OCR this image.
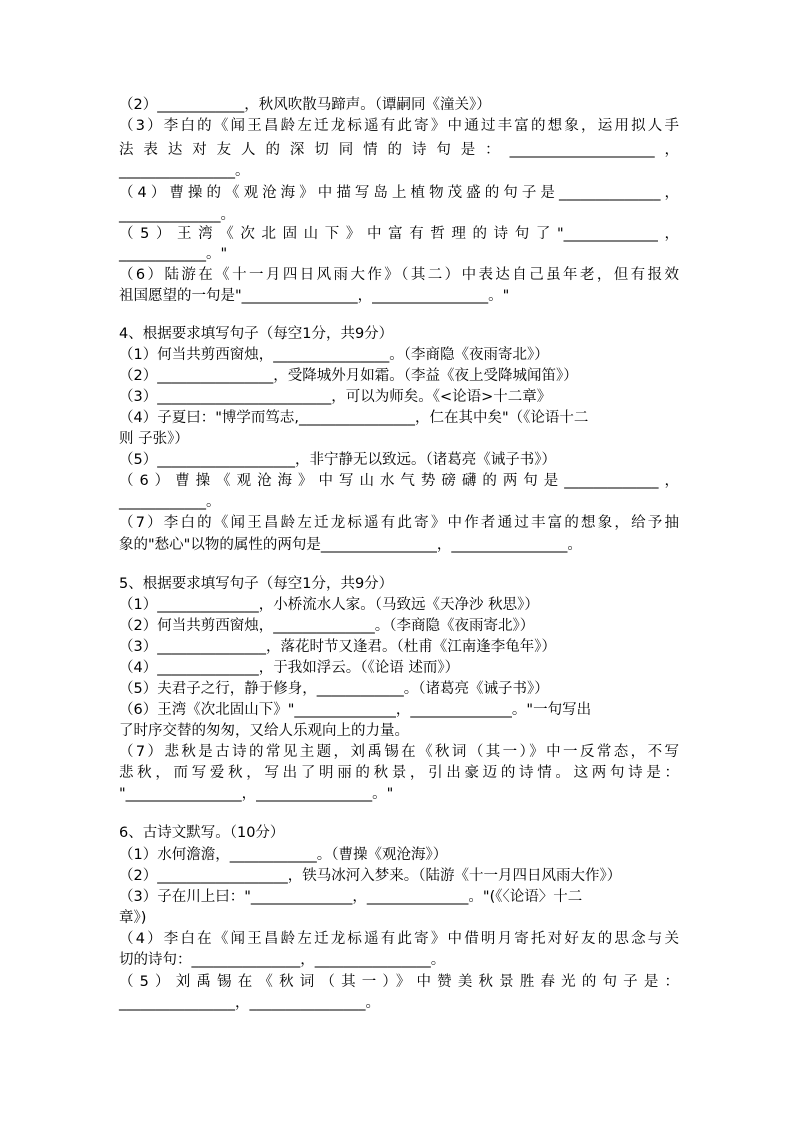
（2）____________，秋风吹散马蹄声。（谭嗣同《潼关》）
（3）李白的《闻王昌龄左迁龙标遥有此寄》中通过丰富的想象，运用拟人手
法表达对友人的深切同情的诗句是：____________________，
________________。
（4）曹操的《观沧海》中描写岛上植物茂盛的句子是______________，
______________。
（5）王湾《次北固山下》中富有哲理的诗句了"_____________，
____________。"
（6）陆游在《十一月四日风雨大作》（其二）中表达自己虽年老，但有报效
祖国愿望的一句是"________________，________________。"
4、根据要求填写句子（每空1分，共9分）
（1）何当共剪西窗烛，________________。（李商隐《夜雨寄北》）
（2）________________，受降城外月如霜。（李益《夜上受降城闻笛》）
（3）________________________，可以为师矣。《<论语>十二章》
（4）子夏曰："博学而笃志,________________，仁在其中矣"（《论语十二
则 子张》）
（5）___________________，非宁静无以致远。（诸葛亮《诫子书》）
（6）曹操《观沧海》中写山水气势磅礴的两句是_____________，
____________。
（7）李白的《闻王昌龄左迁龙标遥有此寄》中作者通过丰富的想象，给予抽
象的"愁心"以物的属性的两句是________________，________________。
5、根据要求填写句子（每空1分，共9分）
（1）______________，小桥流水人家。（马致远《天净沙 秋思》）
（2）何当共剪西窗烛，______________。（李商隐《夜雨寄北》）
（3）_______________，落花时节又逢君。（杜甫《江南逢李龟年》）
（4）______________，于我如浮云。（《论语 述而》）
（5）夫君子之行，静于修身，____________。（诸葛亮《诫子书》）
（6）王湾《次北固山下》"______________，______________。"一句写出
了时序交替的匆匆，又给人乐观向上的力量。
（7）悲秋是古诗的常见主题，刘禹锡在《秋词（其一）》中一反常态，不写
悲秋，而写爱秋，写出了明丽的秋景，引出豪迈的诗情。这两句诗是：
"________________，________________。"
6、古诗文默写。（10分）
（1）水何澹澹，____________。（曹操《观沧海》）
（2）__________________，铁马冰河入梦来。（陆游《十一月四日风雨大作》）
（3）子在川上曰："______________，______________。"(《〈论语〉十二
章》)
（4）李白在《闻王昌龄左迁龙标遥有此寄》中借明月寄托对好友的思念与关
切的诗句：_______________，________________。
（5）刘禹锡在《秋词（其一）》中赞美秋景胜春光的句子是：
________________，________________。
